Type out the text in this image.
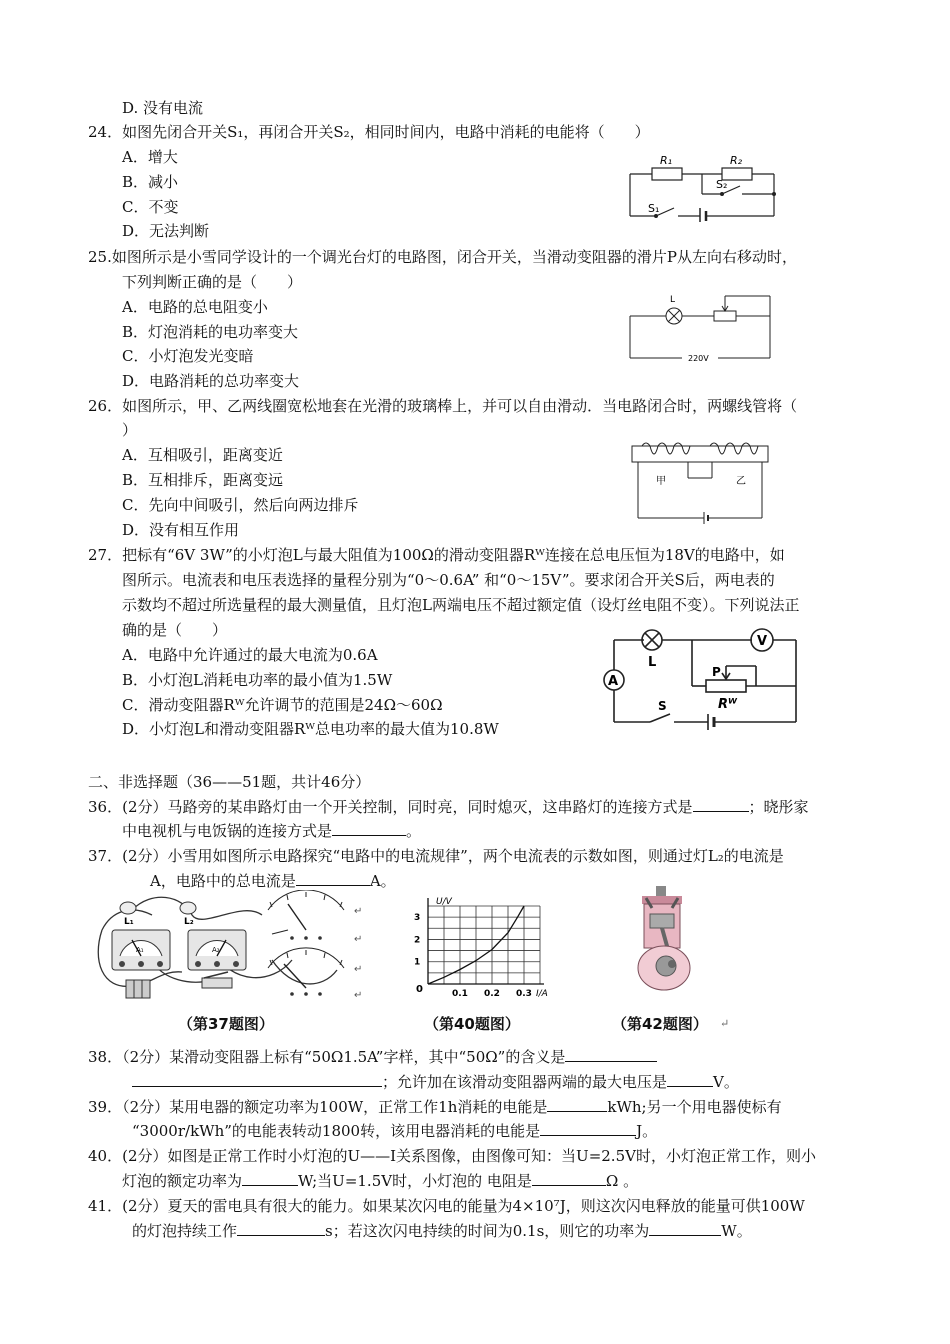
D. 没有电流
24．如图先闭合开关S₁，再闭合开关S₂，相同时间内，电路中消耗的电能将（　　）
A．增大
B．减小
C．不变
D．无法判断
R₁	R₂
S₂
S₁
25.如图所示是小雪同学设计的一个调光台灯的电路图，闭合开关，当滑动变阻器的滑片P从左向右移动时，
下列判断正确的是（　　）
A．电路的总电阻变小
B．灯泡消耗的电功率变大
C．小灯泡发光变暗
D．电路消耗的总功率变大
L
220V
26．如图所示，甲、乙两线圈宽松地套在光滑的玻璃棒上，并可以自由滑动．当电路闭合时，两螺线管将（
）
A．互相吸引，距离变近
B．互相排斥，距离变远
C．先向中间吸引，然后向两边排斥
D．没有相互作用
甲	乙
27．把标有“6V 3W”的小灯泡L与最大阻值为100Ω的滑动变阻器Rᵂ连接在总电压恒为18V的电路中，如
图所示。电流表和电压表选择的量程分别为“0～0.6A” 和“0～15V”。要求闭合开关S后，两电表的
示数均不超过所选量程的最大测量值，且灯泡L两端电压不超过额定值（设灯丝电阻不变）。下列说法正
确的是（　　）
A．电路中允许通过的最大电流为0.6A
B．小灯泡L消耗电功率的最小值为1.5W
C．滑动变阻器Rᵂ允许调节的范围是24Ω～60Ω
D．小灯泡L和滑动变阻器Rᵂ总电功率的最大值为10.8W
A
V
L
P
Rᵂ
S
二、非选择题（36——51题，共计46分）
36．(2分）马路旁的某串路灯由一个开关控制，同时亮，同时熄灭，这串路灯的连接方式是	；晓彤家
中电视机与电饭锅的连接方式是	。
37．(2分）小雪用如图所示电路探究“电路中的电流规律”，两个电流表的示数如图，则通过灯L₂的电流是
A，电路中的总电流是	A。
L₁	L₂
A₁	A₂
↵
↵
↵
↵
（第37题图）
U/V
I/A
0	0.1 0.2 0.3
1
2
3
（第40题图）	（第42题图） ↵
38．（2分）某滑动变阻器上标有“50Ω1.5A”字样，其中“50Ω”的含义是
；允许加在该滑动变阻器两端的最大电压是	V。
39．（2分）某用电器的额定功率为100W，正常工作1h消耗的电能是	kWh;另一个用电器使标有
“3000r/kWh”的电能表转动1800转，该用电器消耗的电能是	J。
40．(2分）如图是正常工作时小灯泡的U——I关系图像，由图像可知：当U=2.5V时，小灯泡正常工作，则小
灯泡的额定功率为	W;当U=1.5V时，小灯泡的 电阻是	Ω 。
41．(2分）夏天的雷电具有很大的能力。如果某次闪电的能量为4×10⁷J，则这次闪电释放的能量可供100W
的灯泡持续工作	s；若这次闪电持续的时间为0.1s，则它的功率为	W。
